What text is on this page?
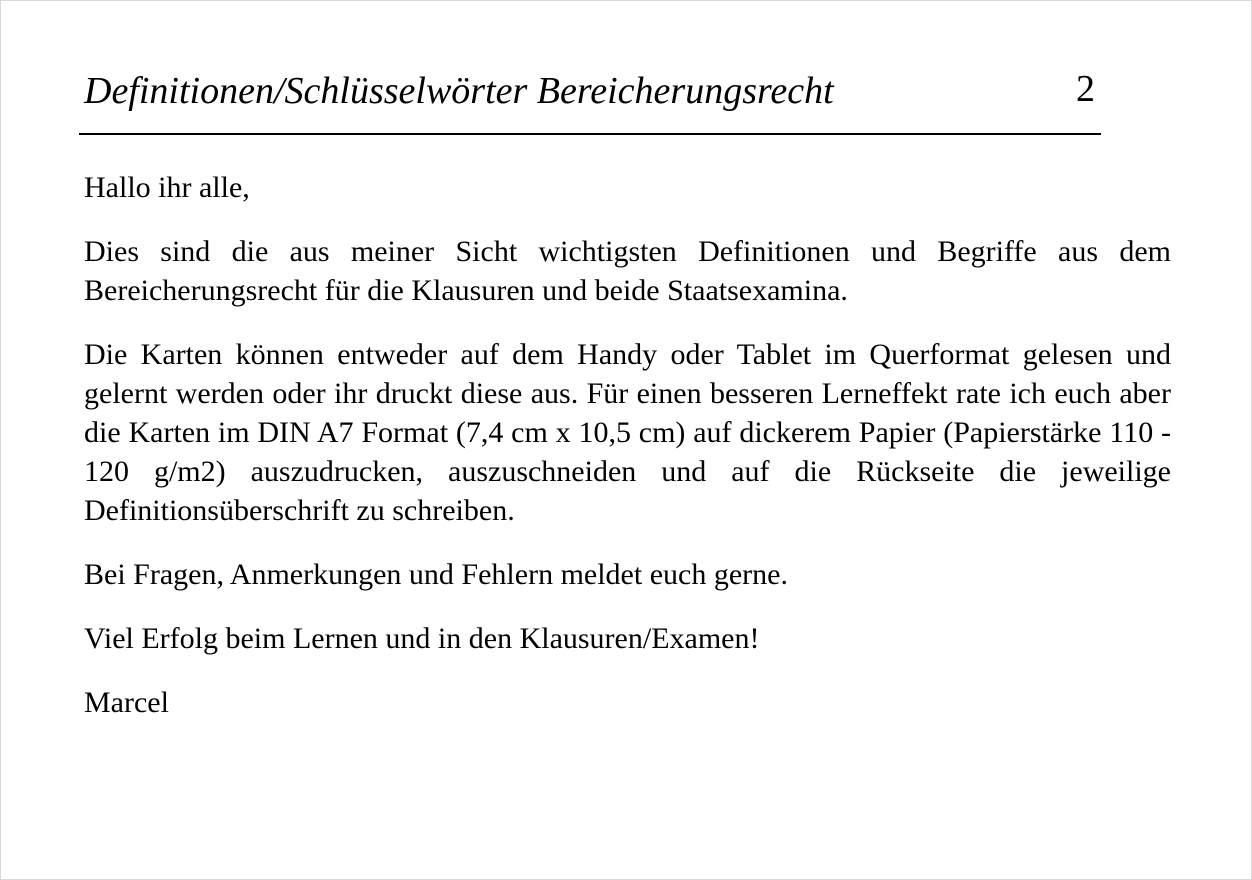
Definitionen/Schlüsselwörter Bereicherungsrecht	2

Hallo ihr alle,

Dies sind die aus meiner Sicht wichtigsten Definitionen und Begriffe aus dem Bereicherungsrecht für die Klausuren und beide Staatsexamina.

Die Karten können entweder auf dem Handy oder Tablet im Querformat gelesen und gelernt werden oder ihr druckt diese aus. Für einen besseren Lerneffekt rate ich euch aber die Karten im DIN A7 Format (7,4 cm x 10,5 cm) auf dickerem Papier (Papierstärke 110 - 120 g/m2) auszudrucken, auszuschneiden und auf die Rückseite die jeweilige Definitionsüberschrift zu schreiben.

Bei Fragen, Anmerkungen und Fehlern meldet euch gerne.

Viel Erfolg beim Lernen und in den Klausuren/Examen!

Marcel
